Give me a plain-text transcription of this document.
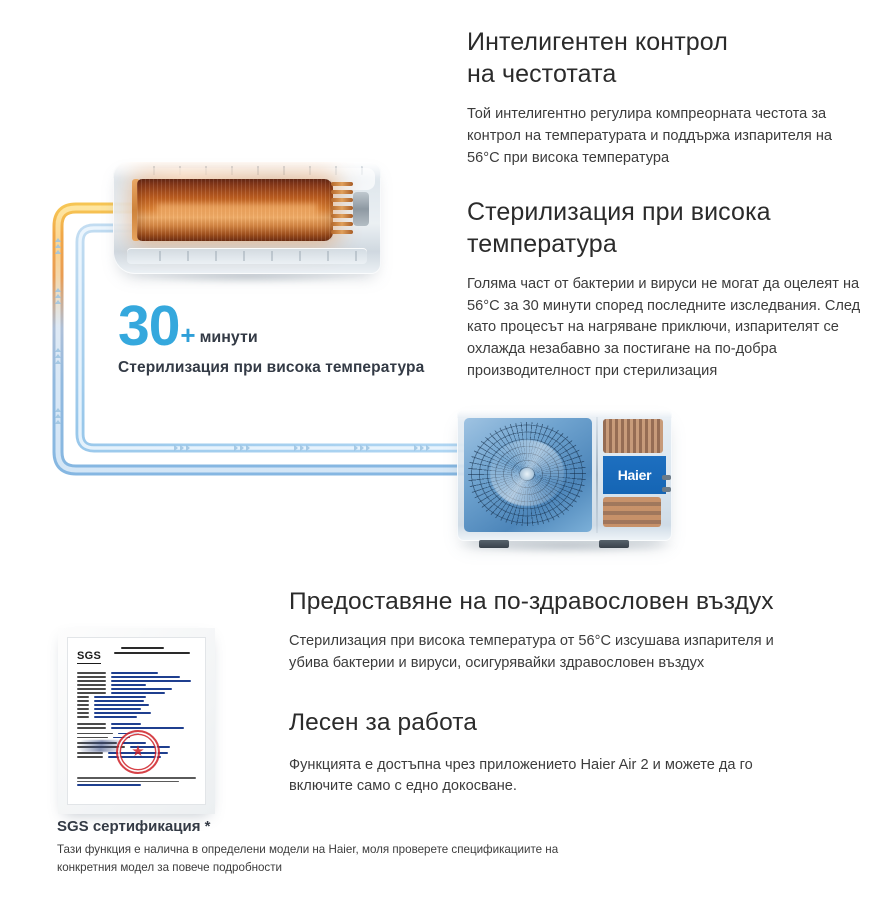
30 + минути
Стерилизация при висока температура
Haier
Интелигентен контрол
на честотата

Той интелигентно регулира компреорната честота за контрол на температурата и поддържа изпарителя на 56°C при висока температура

Стерилизация при висока
температура

Голяма част от бактерии и вируси не могат да оцелеят на 56°C за 30 минути според последните изследвания. След като процесът на нагряване приключи, изпарителят се охлажда незабавно за постигане на по-добра производителност при стерилизация

SGS
★
Предоставяне на по-здравословен въздух

Стерилизация при висока температура от 56°C изсушава изпарителя и убива бактерии и вируси, осигурявайки здравословен въздух

Лесен за работа

Функцията е достъпна чрез приложението Haier Air 2 и можете да го включите само с едно докосване.

SGS сертификация *

Тази функция е налична в определени модели на Haier, моля проверете спецификациите на конкретния модел за повече подробности
